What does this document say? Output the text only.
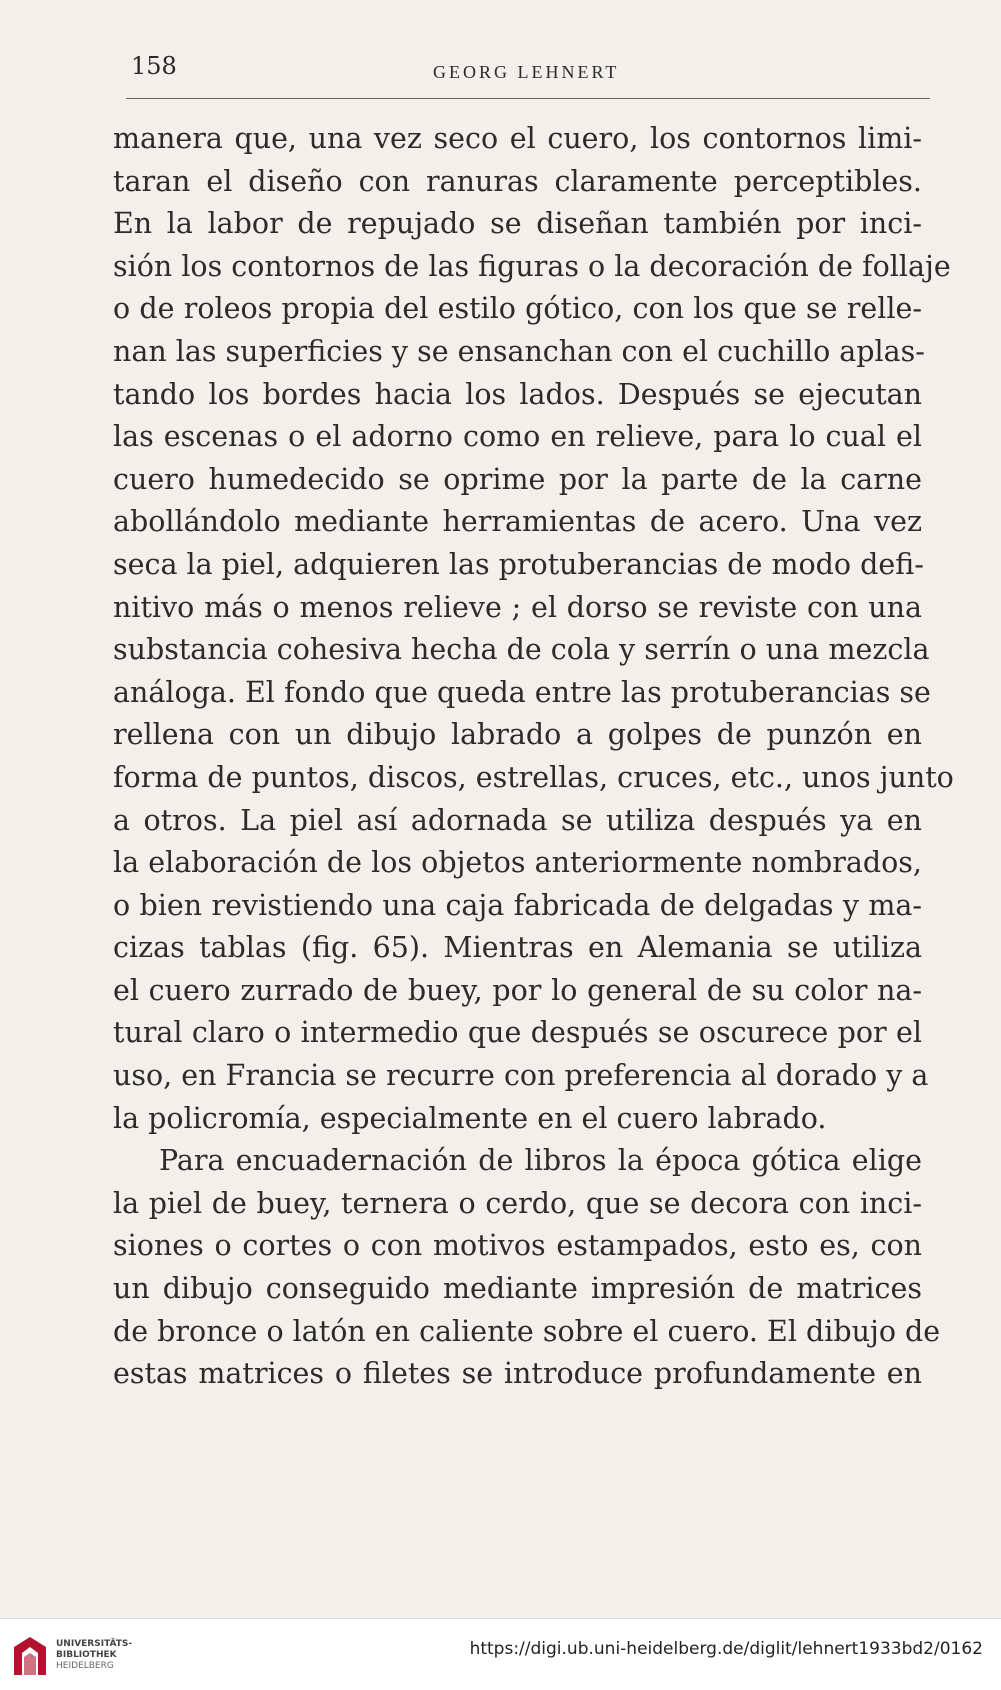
158	GEORG LEHNERT
manera que, una vez seco el cuero, los contornos limi-
taran el diseño con ranuras claramente perceptibles.
En la labor de repujado se diseñan también por inci-
sión los contornos de las figuras o la decoración de follaje
o de roleos propia del estilo gótico, con los que se relle-
nan las superficies y se ensanchan con el cuchillo aplas-
tando los bordes hacia los lados. Después se ejecutan
las escenas o el adorno como en relieve, para lo cual el
cuero humedecido se oprime por la parte de la carne
abollándolo mediante herramientas de acero. Una vez
seca la piel, adquieren las protuberancias de modo defi-
nitivo más o menos relieve ; el dorso se reviste con una
substancia cohesiva hecha de cola y serrín o una mezcla
análoga. El fondo que queda entre las protuberancias se
rellena con un dibujo labrado a golpes de punzón en
forma de puntos, discos, estrellas, cruces, etc., unos junto
a otros. La piel así adornada se utiliza después ya en
la elaboración de los objetos anteriormente nombrados,
o bien revistiendo una caja fabricada de delgadas y ma-
cizas tablas (fig. 65). Mientras en Alemania se utiliza
el cuero zurrado de buey, por lo general de su color na-
tural claro o intermedio que después se oscurece por el
uso, en Francia se recurre con preferencia al dorado y a
la policromía, especialmente en el cuero labrado.
Para encuadernación de libros la época gótica elige
la piel de buey, ternera o cerdo, que se decora con inci-
siones o cortes o con motivos estampados, esto es, con
un dibujo conseguido mediante impresión de matrices
de bronce o latón en caliente sobre el cuero. El dibujo de
estas matrices o filetes se introduce profundamente en
UNIVERSITÄTS-
BIBLIOTHEK
HEIDELBERG
https://digi.ub.uni-heidelberg.de/diglit/lehnert1933bd2/0162
